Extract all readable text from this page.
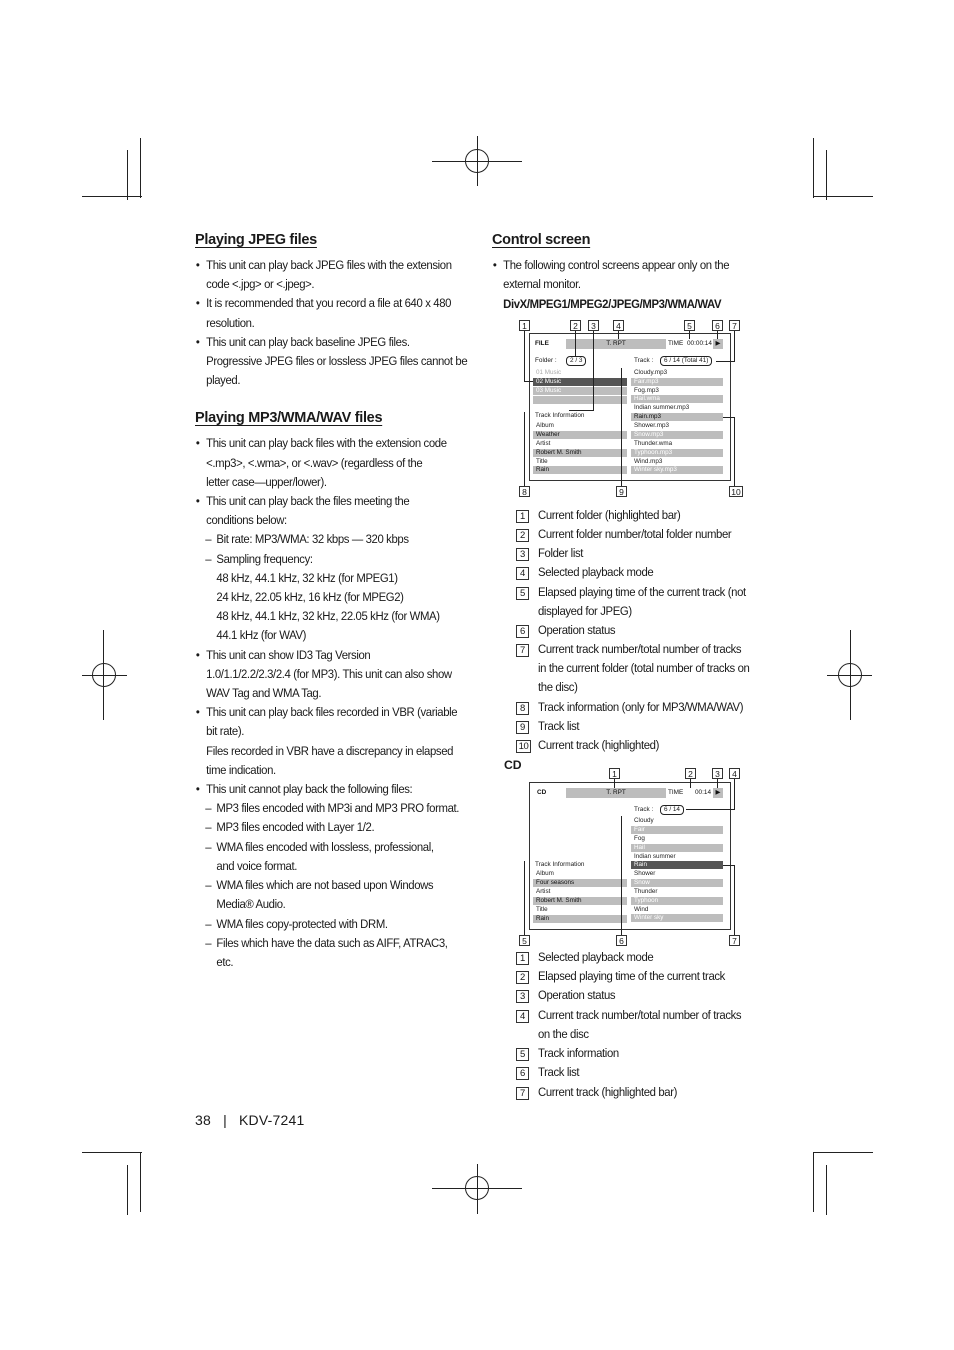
Playing JPEG files
• This unit can play back JPEG files with the extension
code <.jpg> or <.jpeg>.
• It is recommended that you record a file at 640 x 480
resolution.
• This unit can play back baseline JPEG files.
Progressive JPEG files or lossless JPEG files cannot be
played.
Playing MP3/WMA/WAV files
• This unit can play back files with the extension code
<.mp3>, <.wma>, or <.wav> (regardless of the
letter case—upper/lower).
• This unit can play back the files meeting the
conditions below:
– Bit rate: MP3/WMA: 32 kbps — 320 kbps
– Sampling frequency:
48 kHz, 44.1 kHz, 32 kHz (for MPEG1)
24 kHz, 22.05 kHz, 16 kHz (for MPEG2)
48 kHz, 44.1 kHz, 32 kHz, 22.05 kHz (for WMA)
44.1 kHz (for WAV)
• This unit can show ID3 Tag Version
1.0/1.1/2.2/2.3/2.4 (for MP3). This unit can also show
WAV Tag and WMA Tag.
• This unit can play back files recorded in VBR (variable
bit rate).
Files recorded in VBR have a discrepancy in elapsed
time indication.
• This unit cannot play back the following files:
– MP3 files encoded with MP3i and MP3 PRO format.
– MP3 files encoded with Layer 1/2.
– WMA files encoded with lossless, professional,
and voice format.
– WMA files which are not based upon Windows
Media® Audio.
– WMA files copy-protected with DRM.
– Files which have the data such as AIFF, ATRAC3,
etc.
Control screen
• The following control screens appear only on the
external monitor.
DivX/MPEG1/MPEG2/JPEG/MP3/WMA/WAV
1	2	3	4	5	6	7
FILE	T. RPT	TIME 00:00:14 ▶
Folder :	2 / 3	Track :	6 / 14 (Total 41)
01 Music
02 Music
03 Music
Track Information
Album
Weather
Artist
Robert M. Smith
Title
Rain
Cloudy.mp3
Fair.mp3
Fog.mp3
Hail.wma
Indian summer.mp3
Rain.mp3
Shower.mp3
Snow.mp3
Thunder.wma
Typhoon.mp3
Wind.mp3
Winter sky.mp3
8	9	10
1	Current folder (highlighted bar)
2	Current folder number/total folder number
3	Folder list
4	Selected playback mode
5	Elapsed playing time of the current track (not
displayed for JPEG)
6	Operation status
7	Current track number/total number of tracks
in the current folder (total number of tracks on
the disc)
8	Track information (only for MP3/WMA/WAV)
9	Track list
10 Current track (highlighted)
CD
1	2	3	4
CD	T. RPT	TIME	00:14 ▶
Track :	6 / 14
Track Information
Album
Four seasons
Artist
Robert M. Smith
Title
Rain
Cloudy
Fair
Fog
Hail
Indian summer
Rain
Shower
Snow
Thunder
Typhoon
Wind
Winter sky
5	6	7
1	Selected playback mode
2	Elapsed playing time of the current track
3	Operation status
4	Current track number/total number of tracks
on the disc
5	Track information
6	Track list
7	Current track (highlighted bar)
38 | KDV-7241
